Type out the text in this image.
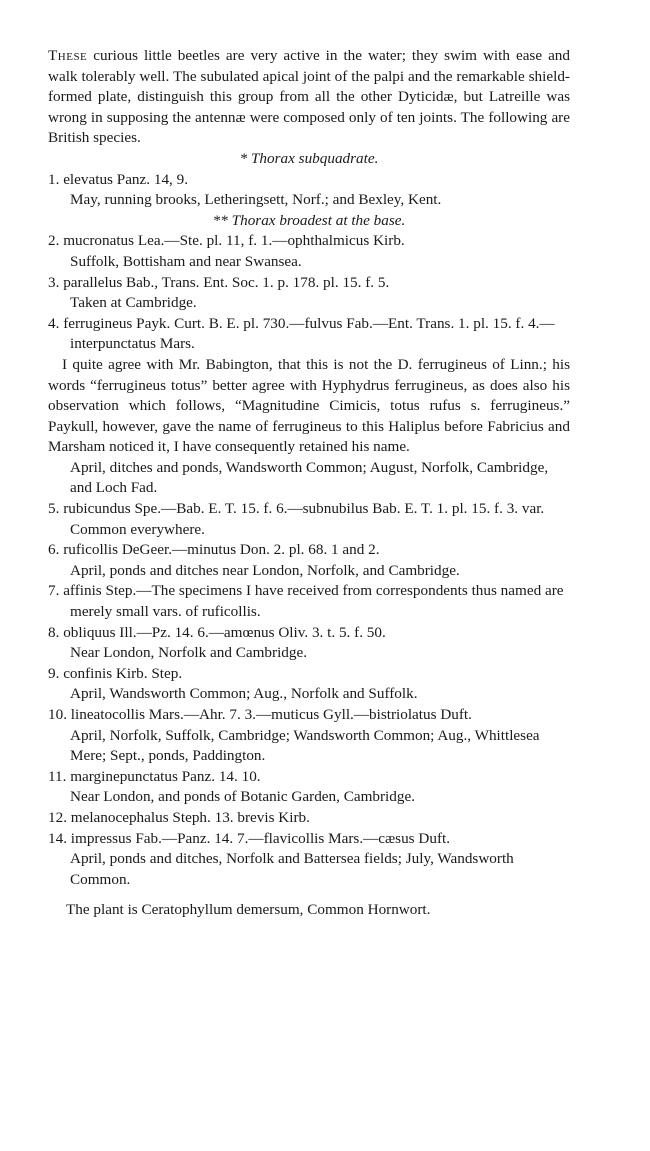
These curious little beetles are very active in the water; they swim with ease and walk tolerably well. The subulated apical joint of the palpi and the remarkable shield-formed plate, distinguish this group from all the other Dyticidæ, but Latreille was wrong in supposing the antennæ were composed only of ten joints. The following are British species.

* Thorax subquadrate.

1. elevatus Panz. 14, 9.

May, running brooks, Letheringsett, Norf.; and Bexley, Kent.

** Thorax broadest at the base.

2. mucronatus Lea.—Ste. pl. 11, f. 1.—ophthalmicus Kirb.

Suffolk, Bottisham and near Swansea.

3. parallelus Bab., Trans. Ent. Soc. 1. p. 178. pl. 15. f. 5.

Taken at Cambridge.

4. ferrugineus Payk. Curt. B. E. pl. 730.—fulvus Fab.—Ent. Trans. 1. pl. 15. f. 4.—interpunctatus Mars.

I quite agree with Mr. Babington, that this is not the D. ferrugineus of Linn.; his words “ferrugineus totus” better agree with Hyphydrus ferrugineus, as does also his observation which follows, “Magnitudine Cimicis, totus rufus s. ferrugineus.” Paykull, however, gave the name of ferrugineus to this Haliplus before Fabricius and Marsham noticed it, I have consequently retained his name.

April, ditches and ponds, Wandsworth Common; August, Norfolk, Cambridge, and Loch Fad.

5. rubicundus Spe.—Bab. E. T. 15. f. 6.—subnubilus Bab. E. T. 1. pl. 15. f. 3. var.  Common everywhere.

6. ruficollis DeGeer.—minutus Don. 2. pl. 68. 1 and 2.

April, ponds and ditches near London, Norfolk, and Cambridge.

7. affinis Step.—The specimens I have received from correspondents thus named are merely small vars. of ruficollis.

8. obliquus Ill.—Pz. 14. 6.—amœnus Oliv. 3. t. 5. f. 50.

Near London, Norfolk and Cambridge.

9. confinis Kirb. Step.

April, Wandsworth Common; Aug., Norfolk and Suffolk.

10. lineatocollis Mars.—Ahr. 7. 3.—muticus Gyll.—bistriolatus Duft.

April, Norfolk, Suffolk, Cambridge; Wandsworth Common; Aug., Whittlesea Mere; Sept., ponds, Paddington.

11. marginepunctatus Panz. 14. 10.

Near London, and ponds of Botanic Garden, Cambridge.

12. melanocephalus Steph. 13. brevis Kirb.

14. impressus Fab.—Panz. 14. 7.—flavicollis Mars.—cæsus Duft.

April, ponds and ditches, Norfolk and Battersea fields; July, Wandsworth Common.

The plant is Ceratophyllum demersum, Common Hornwort.
